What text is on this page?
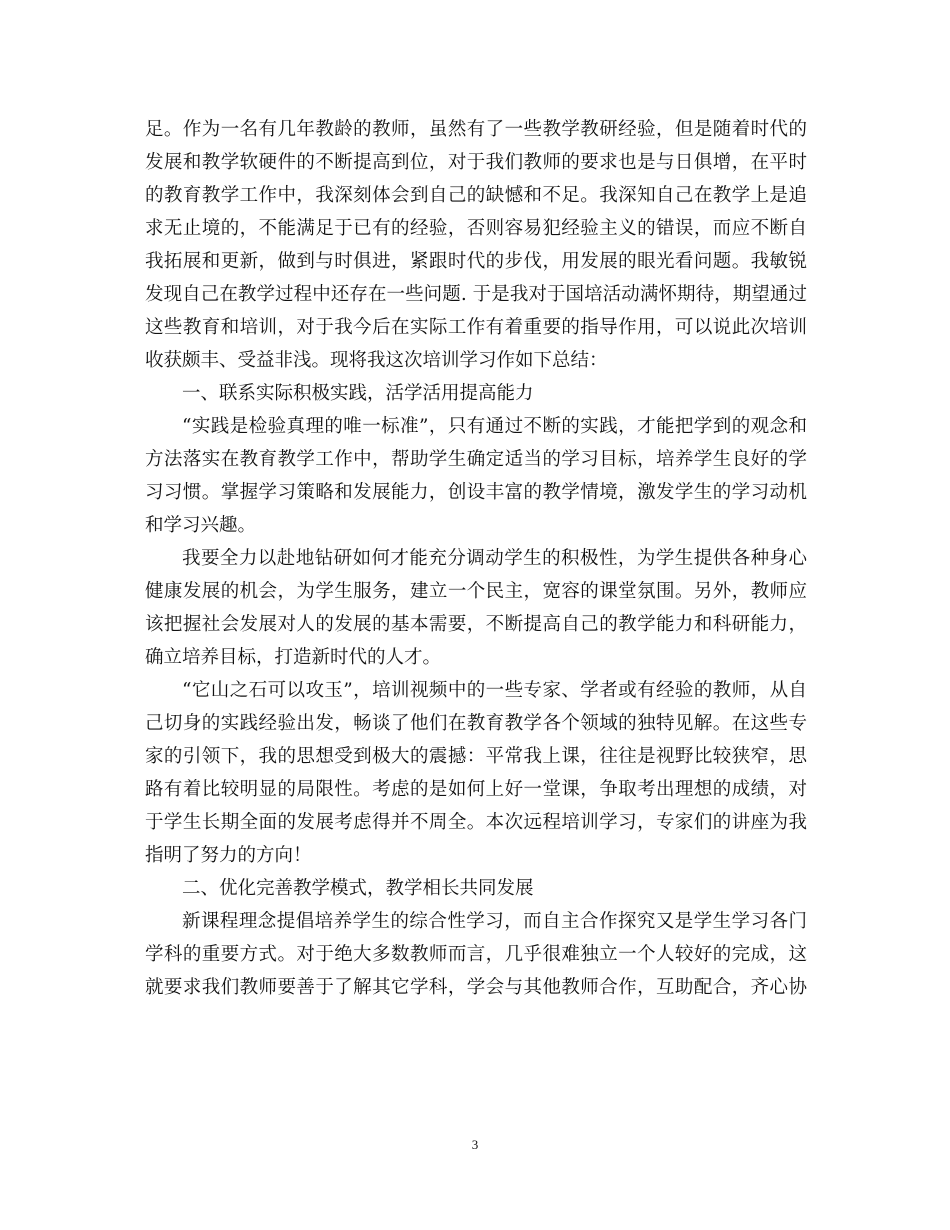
足。作为一名有几年教龄的教师，虽然有了一些教学教研经验，但是随着时代的
发展和教学软硬件的不断提高到位，对于我们教师的要求也是与日俱增，在平时
的教育教学工作中，我深刻体会到自己的缺憾和不足。我深知自己在教学上是追
求无止境的，不能满足于已有的经验，否则容易犯经验主义的错误，而应不断自
我拓展和更新，做到与时俱进，紧跟时代的步伐，用发展的眼光看问题。我敏锐
发现自己在教学过程中还存在一些问题. 于是我对于国培活动满怀期待，期望通过
这些教育和培训，对于我今后在实际工作有着重要的指导作用，可以说此次培训
收获颇丰、受益非浅。现将我这次培训学习作如下总结：
一、联系实际积极实践，活学活用提高能力
“实践是检验真理的唯一标准”，只有通过不断的实践，才能把学到的观念和
方法落实在教育教学工作中，帮助学生确定适当的学习目标，培养学生良好的学
习习惯。掌握学习策略和发展能力，创设丰富的教学情境，激发学生的学习动机
和学习兴趣。
我要全力以赴地钻研如何才能充分调动学生的积极性，为学生提供各种身心
健康发展的机会，为学生服务，建立一个民主，宽容的课堂氛围。另外，教师应
该把握社会发展对人的发展的基本需要，不断提高自己的教学能力和科研能力，
确立培养目标，打造新时代的人才。
“它山之石可以攻玉”，培训视频中的一些专家、学者或有经验的教师，从自
己切身的实践经验出发，畅谈了他们在教育教学各个领域的独特见解。在这些专
家的引领下，我的思想受到极大的震撼：平常我上课，往往是视野比较狭窄，思
路有着比较明显的局限性。考虑的是如何上好一堂课，争取考出理想的成绩，对
于学生长期全面的发展考虑得并不周全。本次远程培训学习，专家们的讲座为我
指明了努力的方向！
二、优化完善教学模式，教学相长共同发展
新课程理念提倡培养学生的综合性学习，而自主合作探究又是学生学习各门
学科的重要方式。对于绝大多数教师而言，几乎很难独立一个人较好的完成，这
就要求我们教师要善于了解其它学科，学会与其他教师合作，互助配合，齐心协
3
